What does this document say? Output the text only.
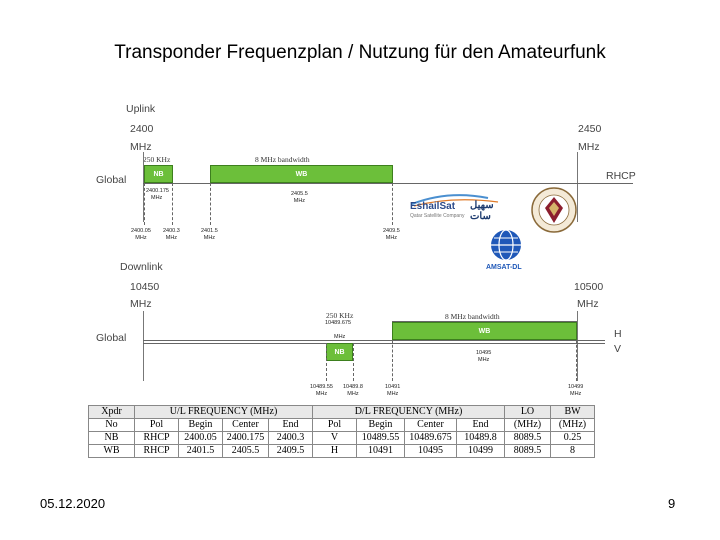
Transponder Frequenzplan / Nutzung für den Amateurfunk
05.12.2020	9
Uplink
2400
MHz
2450
MHz
250 KHz	8 MHz bandwidth
Global	RHCP
NB	WB
2400.175
MHz
2405.5
MHz
2400.05
MHz
2400.3
MHz
2401.5
MHz
2409.5
MHz
EshailSat سهيل سات
Qatar Satellite Company
AMSAT-DL
Downlink
10450
MHz
10500
MHz
250 KHz
10489.675
MHz
8 MHz bandwidth
Global	H
V
WB
NB	10495
MHz
10489.55
MHz
10489.8
MHz
10491
MHz
10499
MHz
Xpdr	U/L FREQUENCY (MHz)				D/L FREQUENCY (MHz)				LO	BW
No	Pol	Begin	Center	End	Pol	Begin	Center	End	(MHz)	(MHz)
NB	RHCP	2400.05	2400.175	2400.3	V	10489.55	10489.675	10489.8	8089.5	0.25
WB	RHCP	2401.5	2405.5	2409.5	H	10491	10495	10499	8089.5	8
